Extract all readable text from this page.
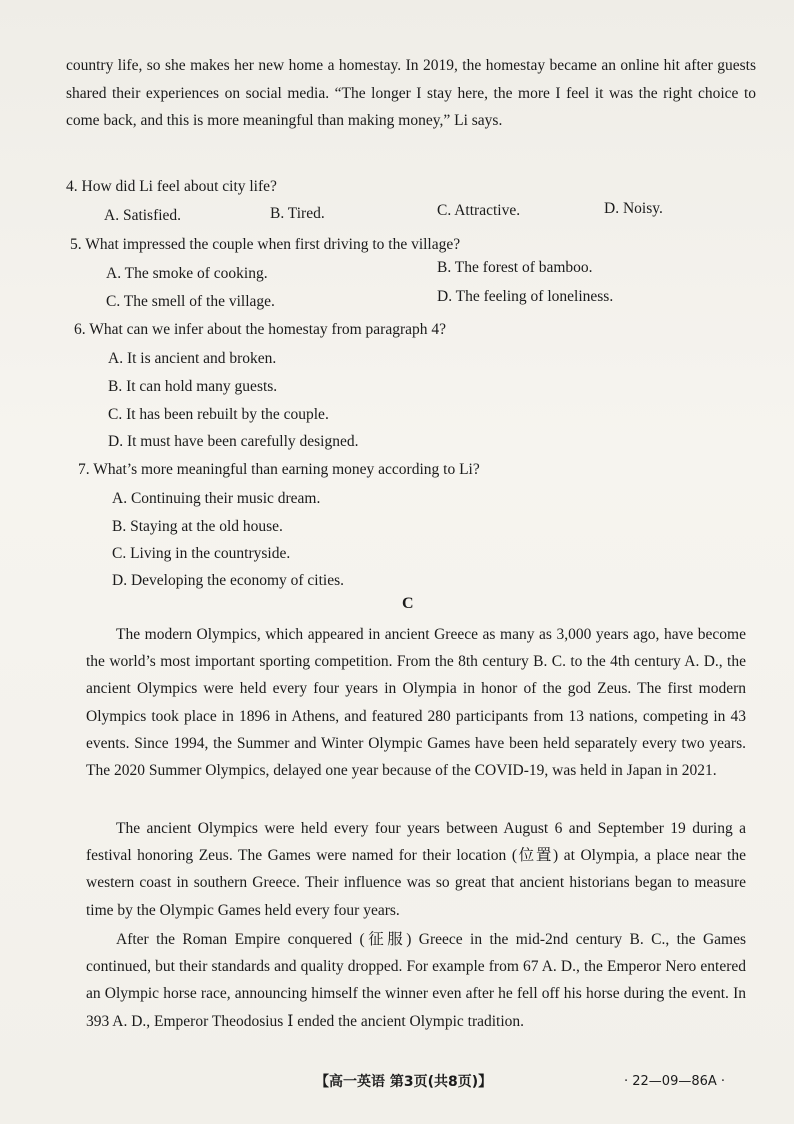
country life, so she makes her new home a homestay. In 2019, the homestay became an online hit after guests shared their experiences on social media. “The longer I stay here, the more I feel it was the right choice to come back, and this is more meaningful than making money,” Li says.
4. How did Li feel about city life?
A. Satisfied.	B. Tired.	C. Attractive.	D. Noisy.
5. What impressed the couple when first driving to the village?
A. The smoke of cooking.	B. The forest of bamboo.
C. The smell of the village.	D. The feeling of loneliness.
6. What can we infer about the homestay from paragraph 4?
A. It is ancient and broken.
B. It can hold many guests.
C. It has been rebuilt by the couple.
D. It must have been carefully designed.
7. What’s more meaningful than earning money according to Li?
A. Continuing their music dream.
B. Staying at the old house.
C. Living in the countryside.
D. Developing the economy of cities.
C
The modern Olympics, which appeared in ancient Greece as many as 3,000 years ago, have become the world’s most important sporting competition. From the 8th century B. C. to the 4th century A. D., the ancient Olympics were held every four years in Olympia in honor of the god Zeus. The first modern Olympics took place in 1896 in Athens, and featured 280 participants from 13 nations, competing in 43 events. Since 1994, the Summer and Winter Olympic Games have been held separately every two years. The 2020 Summer Olympics, delayed one year because of the COVID-19, was held in Japan in 2021.
The ancient Olympics were held every four years between August 6 and September 19 during a festival honoring Zeus. The Games were named for their location (位置) at Olympia, a place near the western coast in southern Greece. Their influence was so great that ancient historians began to measure time by the Olympic Games held every four years.
After the Roman Empire conquered (征服) Greece in the mid-2nd century B. C., the Games continued, but their standards and quality dropped. For example from 67 A. D., the Emperor Nero entered an Olympic horse race, announcing himself the winner even after he fell off his horse during the event. In 393 A. D., Emperor Theodosius Ⅰ ended the ancient Olympic tradition.
【高一英语 第3页(共8页)】	· 22—09—86A ·
